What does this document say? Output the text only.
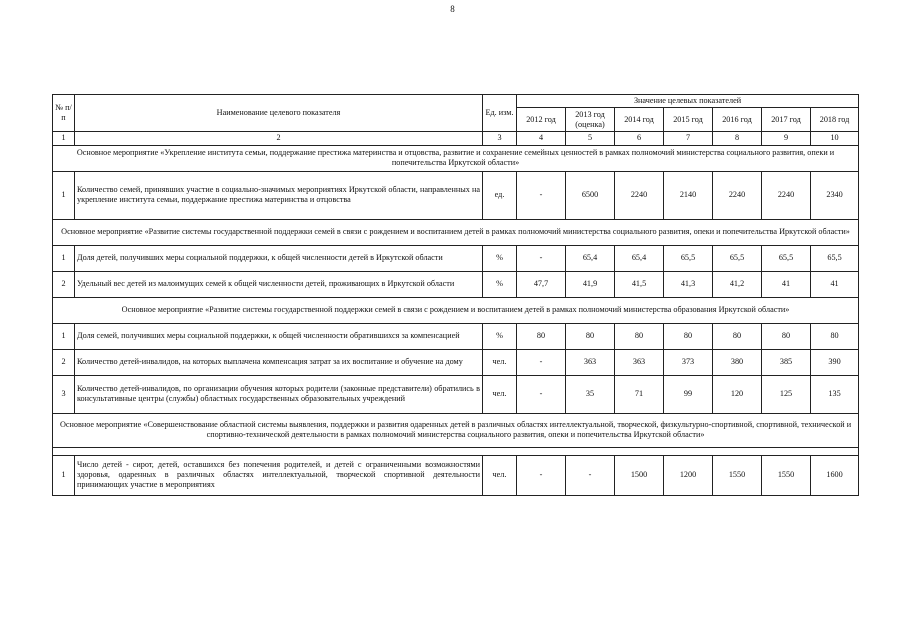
8
№ п/п	Наименование целевого показателя	Ед. изм.	Значение целевых показателей						
			2012 год	2013 год (оценка)	2014 год	2015 год	2016 год	2017 год	2018 год
1	2	3	4	5	6	7	8	9	10
Основное мероприятие «Укрепление института семьи, поддержание престижа материнства и отцовства, развитие и сохранение семейных ценностей в рамках полномочий министерства социального развития, опеки и попечительства Иркутской области»									
1	Количество семей, принявших участие в социально-значимых мероприятиях Иркутской области, направленных на укрепление института семьи, поддержание престижа материнства и отцовства	ед.	-	6500	2240	2140	2240	2240	2340
Основное мероприятие «Развитие системы государственной поддержки семей в связи с рождением и воспитанием детей в рамках полномочий министерства социального развития, опеки и попечительства Иркутской области»									
1	Доля детей, получивших меры социальной поддержки, к общей численности детей в Иркутской области	%	-	65,4	65,4	65,5	65,5	65,5	65,5
2	Удельный вес детей из малоимущих семей к общей численности детей, проживающих в Иркутской области	%	47,7	41,9	41,5	41,3	41,2	41	41
Основное мероприятие «Развитие системы государственной поддержки семей в связи с рождением и воспитанием детей в рамках полномочий министерства образования Иркутской области»									
1	Доля семей, получивших меры социальной поддержки, к общей численности обратившихся за компенсацией	%	80	80	80	80	80	80	80
2	Количество детей-инвалидов, на которых выплачена компенсация затрат за их воспитание и обучение на дому	чел.	-	363	363	373	380	385	390
3	Количество детей-инвалидов, по организации обучения которых родители (законные представители) обратились в консультативные центры (службы) областных государственных образовательных учреждений	чел.	-	35	71	99	120	125	135
Основное мероприятие «Совершенствование областной системы выявления, поддержки и развития одаренных детей в различных областях интеллектуальной, творческой, физкультурно-спортивной, спортивной, технической и спортивно-технической деятельности в рамках полномочий министерства социального развития, опеки и попечительства Иркутской области»									

1	Число детей - сирот, детей, оставшихся без попечения родителей, и детей с ограниченными возможностями здоровья, одаренных в различных областях интеллектуальной, творческой спортивной деятельности принимающих участие в мероприятиях	чел.	-	-	1500	1200	1550	1550	1600
